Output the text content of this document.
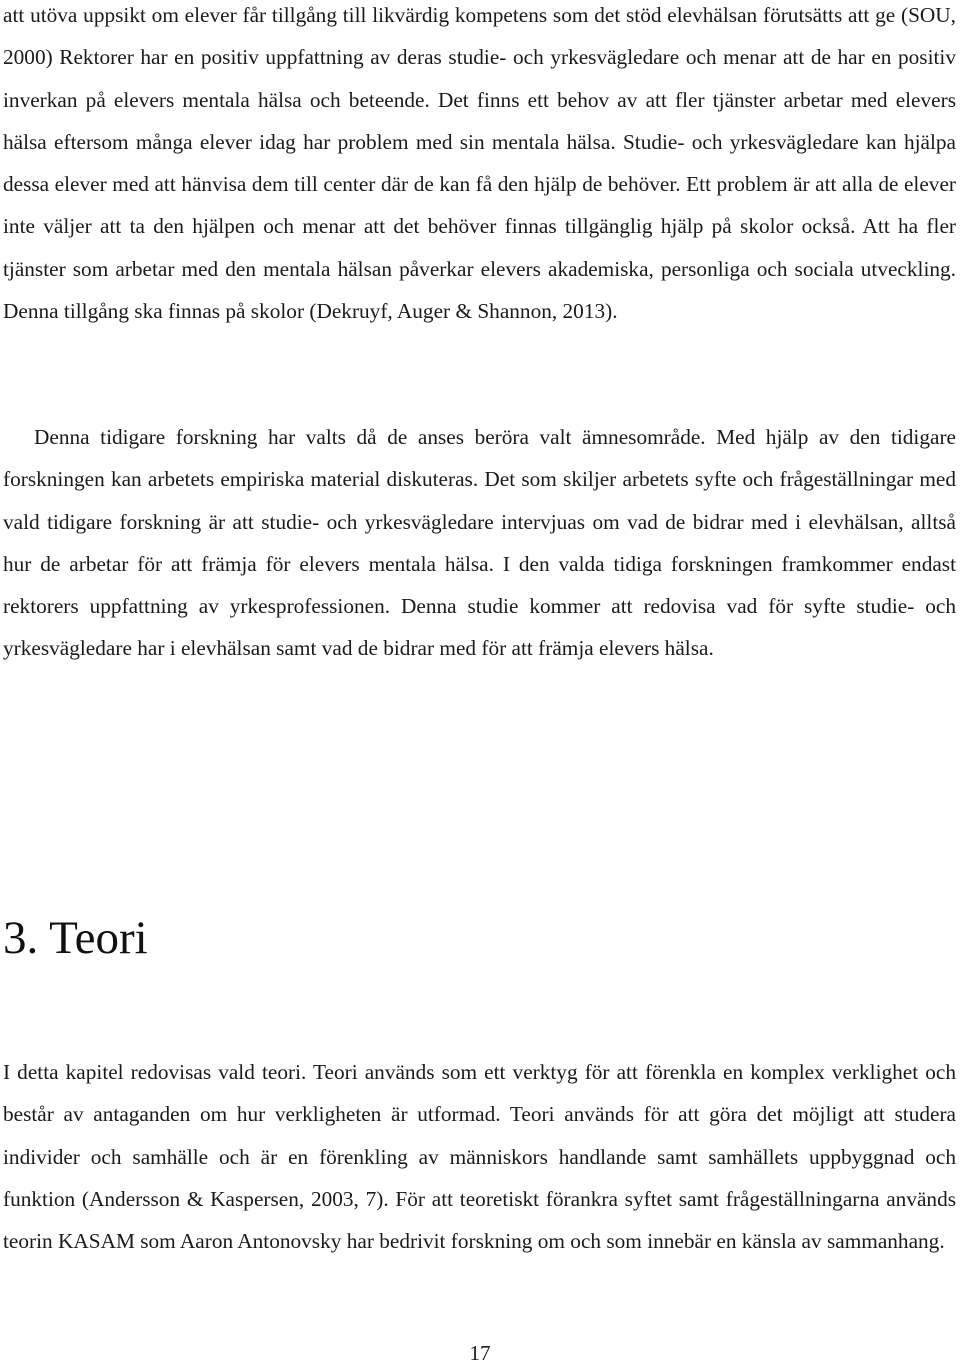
att utöva uppsikt om elever får tillgång till likvärdig kompetens som det stöd elevhälsan förutsätts att ge (SOU, 2000) Rektorer har en positiv uppfattning av deras studie- och yrkesvägledare och menar att de har en positiv inverkan på elevers mentala hälsa och beteende. Det finns ett behov av att fler tjänster arbetar med elevers hälsa eftersom många elever idag har problem med sin mentala hälsa. Studie- och yrkesvägledare kan hjälpa dessa elever med att hänvisa dem till center där de kan få den hjälp de behöver. Ett problem är att alla de elever inte väljer att ta den hjälpen och menar att det behöver finnas tillgänglig hjälp på skolor också. Att ha fler tjänster som arbetar med den mentala hälsan påverkar elevers akademiska, personliga och sociala utveckling. Denna tillgång ska finnas på skolor (Dekruyf, Auger & Shannon, 2013).

Denna tidigare forskning har valts då de anses beröra valt ämnesområde. Med hjälp av den tidigare forskningen kan arbetets empiriska material diskuteras. Det som skiljer arbetets syfte och frågeställningar med vald tidigare forskning är att studie- och yrkesvägledare intervjuas om vad de bidrar med i elevhälsan, alltså hur de arbetar för att främja för elevers mentala hälsa. I den valda tidiga forskningen framkommer endast rektorers uppfattning av yrkesprofessionen. Denna studie kommer att redovisa vad för syfte studie- och yrkesvägledare har i elevhälsan samt vad de bidrar med för att främja elevers hälsa.

3. Teori

I detta kapitel redovisas vald teori. Teori används som ett verktyg för att förenkla en komplex verklighet och består av antaganden om hur verkligheten är utformad. Teori används för att göra det möjligt att studera individer och samhälle och är en förenkling av människors handlande samt samhällets uppbyggnad och funktion (Andersson & Kaspersen, 2003, 7). För att teoretiskt förankra syftet samt frågeställningarna används teorin KASAM som Aaron Antonovsky har bedrivit forskning om och som innebär en känsla av sammanhang.

17
